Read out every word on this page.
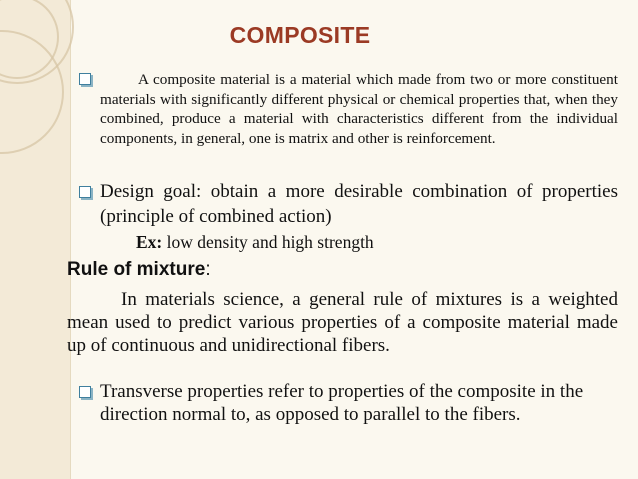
COMPOSITE
A composite material is a material which made from two or more constituent materials with significantly different physical or chemical properties that, when they combined, produce a material with characteristics different from the individual components, in general, one is matrix and other is reinforcement.
Design goal: obtain a more desirable combination of properties (principle of combined action)
Ex: low density and high strength
Rule of mixture:
In materials science, a general rule of mixtures is a weighted mean used to predict various properties of a composite material made up of continuous and unidirectional fibers.
Transverse properties refer to properties of the composite in the direction normal to, as opposed to parallel to the fibers.
